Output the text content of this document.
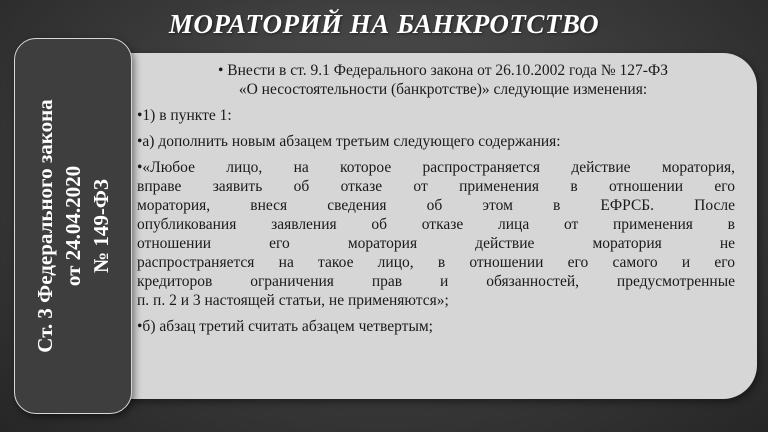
МОРАТОРИЙ НА БАНКРОТСТВО
Ст. 3 Федерального закона от 24.04.2020 № 149-ФЗ
• Внести в ст. 9.1 Федерального закона от 26.10.2002 года № 127-ФЗ
«О несостоятельности (банкротстве)» следующие изменения:
•1) в пункте 1:
•а) дополнить новым абзацем третьим следующего содержания:
•«Любое лицо, на которое распространяется действие моратория,
вправе заявить об отказе от применения в отношении его
моратория, внеся сведения об этом в ЕФРСБ. После
опубликования заявления об отказе лица от применения в
отношении его моратория действие моратория не
распространяется на такое лицо, в отношении его самого и его
кредиторов ограничения прав и обязанностей, предусмотренные
п. п. 2 и 3 настоящей статьи, не применяются»;
•б) абзац третий считать абзацем четвертым;
